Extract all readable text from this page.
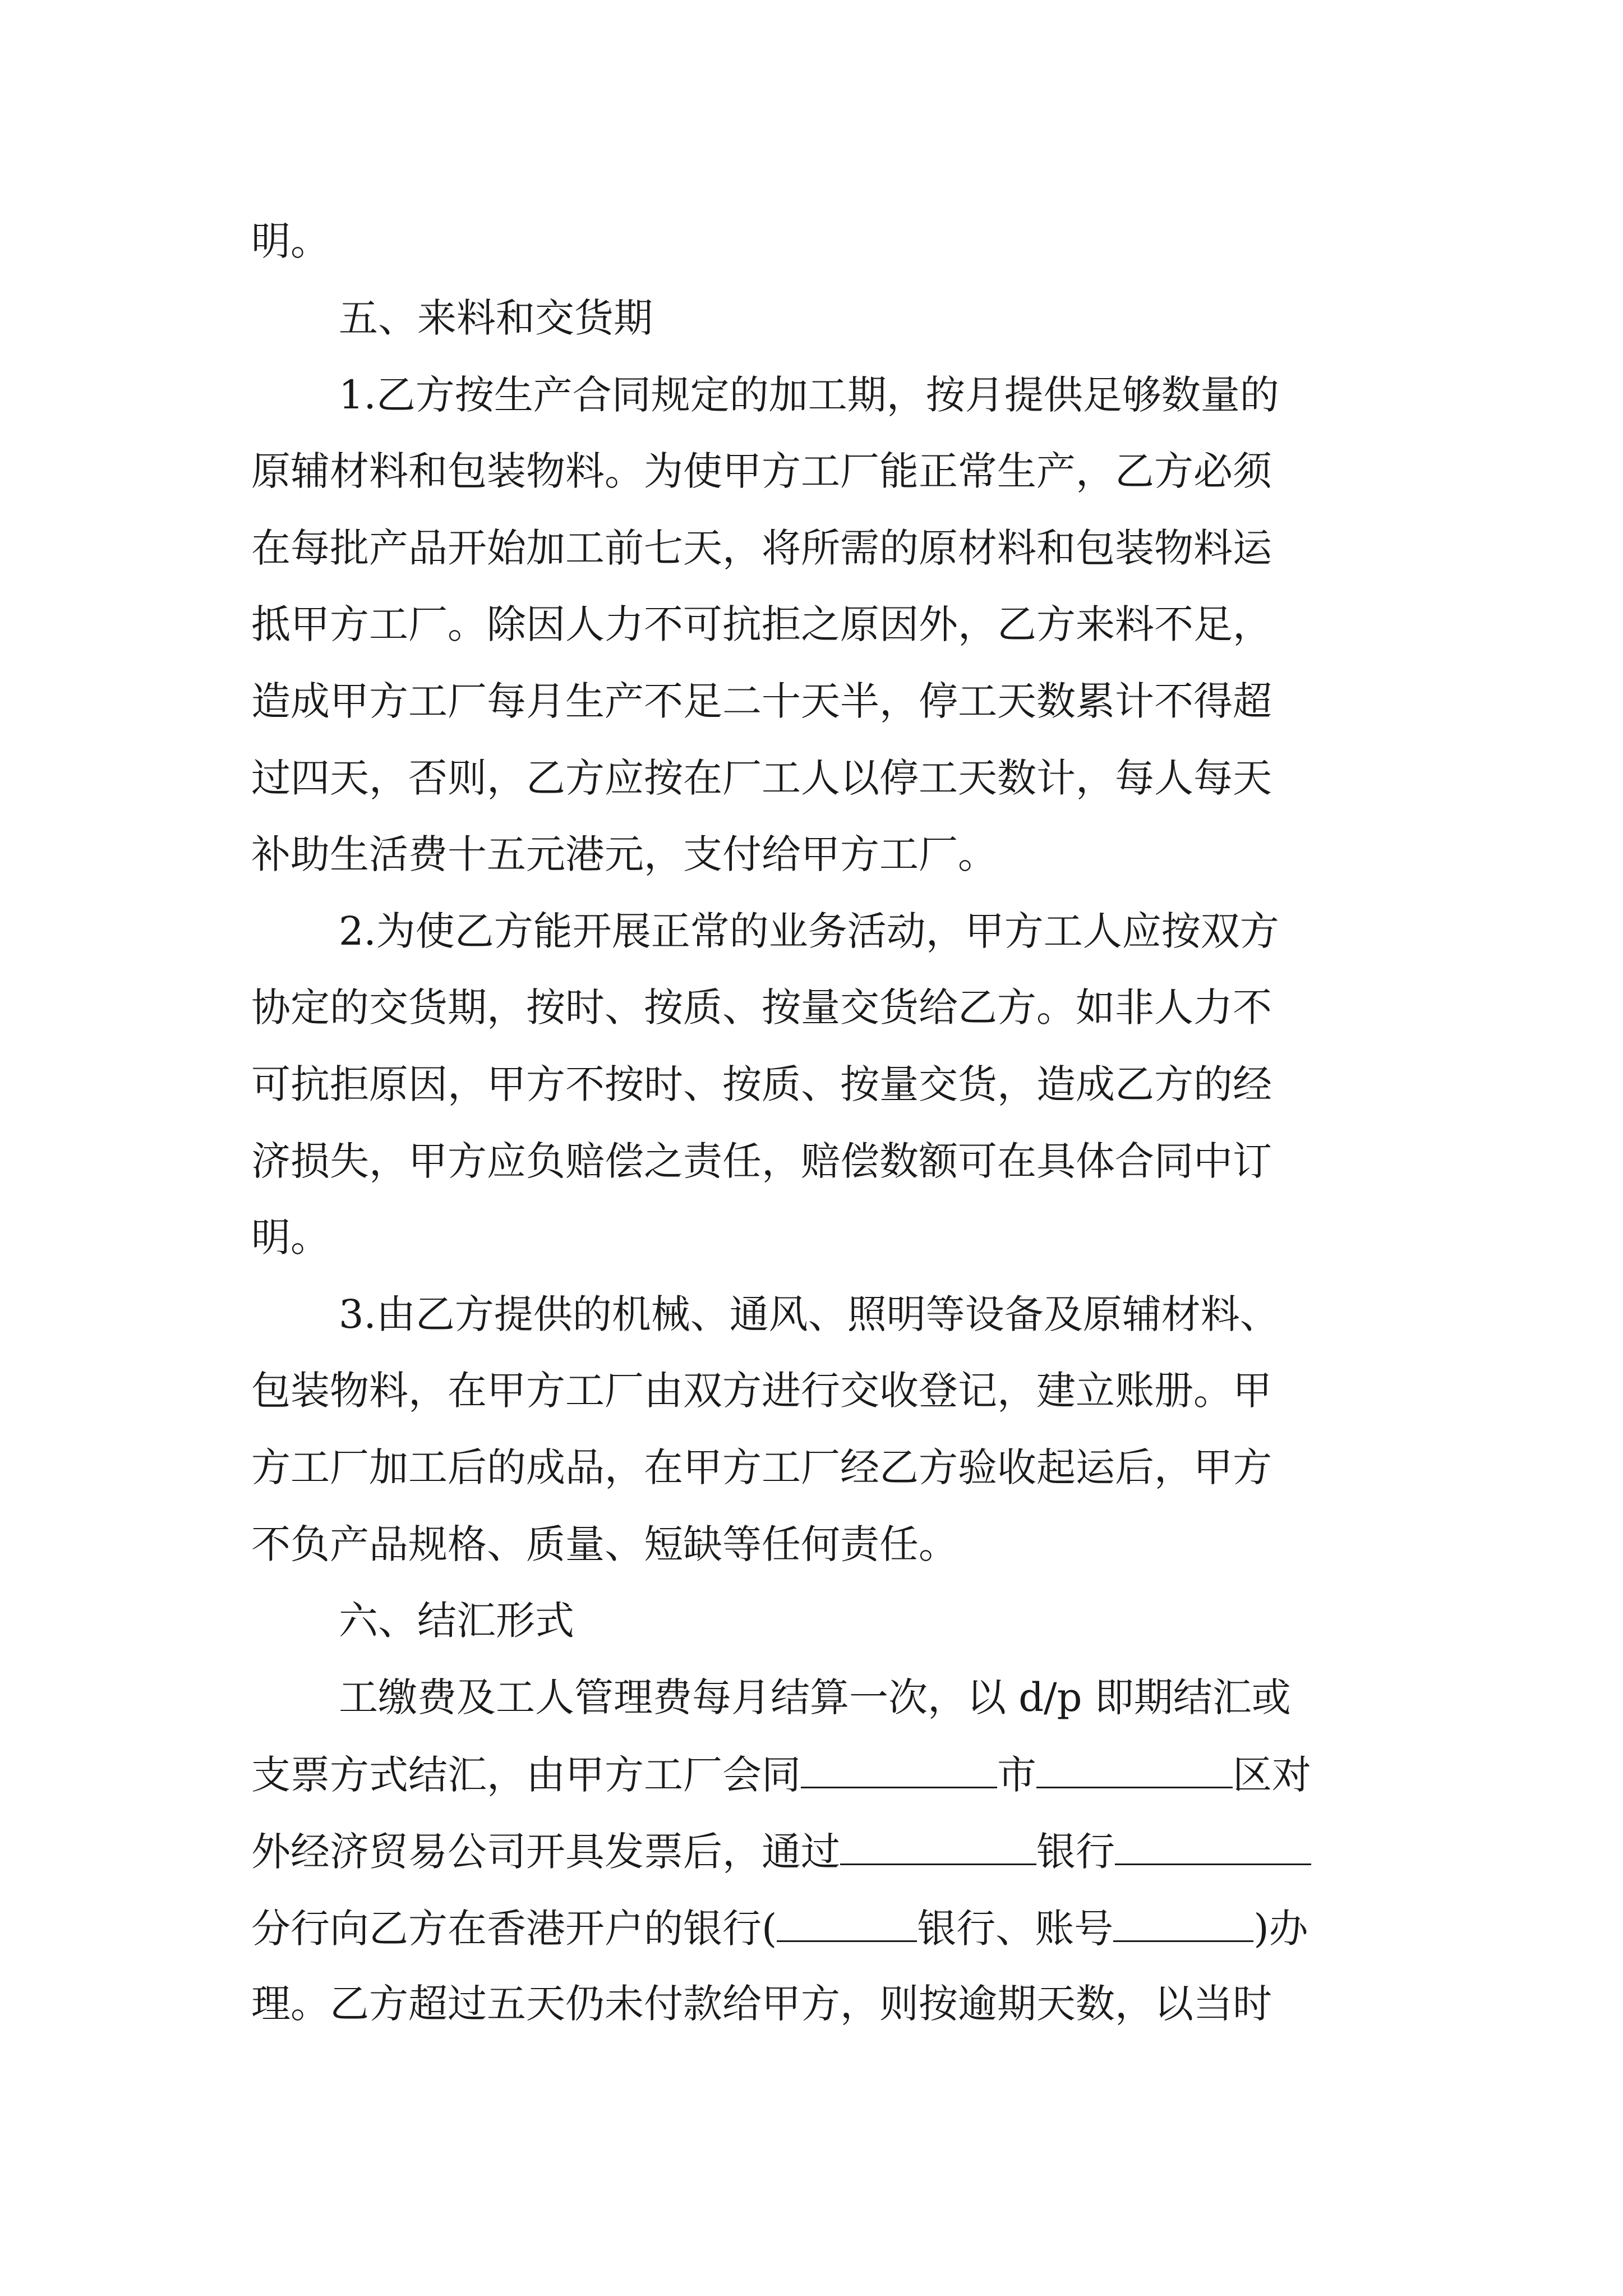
明。
五、来料和交货期
1.乙方按生产合同规定的加工期，按月提供足够数量的
原辅材料和包装物料。为使甲方工厂能正常生产，乙方必须
在每批产品开始加工前七天，将所需的原材料和包装物料运
抵甲方工厂。除因人力不可抗拒之原因外，乙方来料不足，
造成甲方工厂每月生产不足二十天半，停工天数累计不得超
过四天，否则，乙方应按在厂工人以停工天数计，每人每天
补助生活费十五元港元，支付给甲方工厂。
2.为使乙方能开展正常的业务活动，甲方工人应按双方
协定的交货期，按时、按质、按量交货给乙方。如非人力不
可抗拒原因，甲方不按时、按质、按量交货，造成乙方的经
济损失，甲方应负赔偿之责任，赔偿数额可在具体合同中订
明。
3.由乙方提供的机械、通风、照明等设备及原辅材料、
包装物料，在甲方工厂由双方进行交收登记，建立账册。甲
方工厂加工后的成品，在甲方工厂经乙方验收起运后，甲方
不负产品规格、质量、短缺等任何责任。
六、结汇形式
工缴费及工人管理费每月结算一次，以 d/p 即期结汇或
支票方式结汇，由甲方工厂会同	市	区对
外经济贸易公司开具发票后，通过	银行
分行向乙方在香港开户的银行(	银行、账号	)办
理。乙方超过五天仍未付款给甲方，则按逾期天数，以当时
